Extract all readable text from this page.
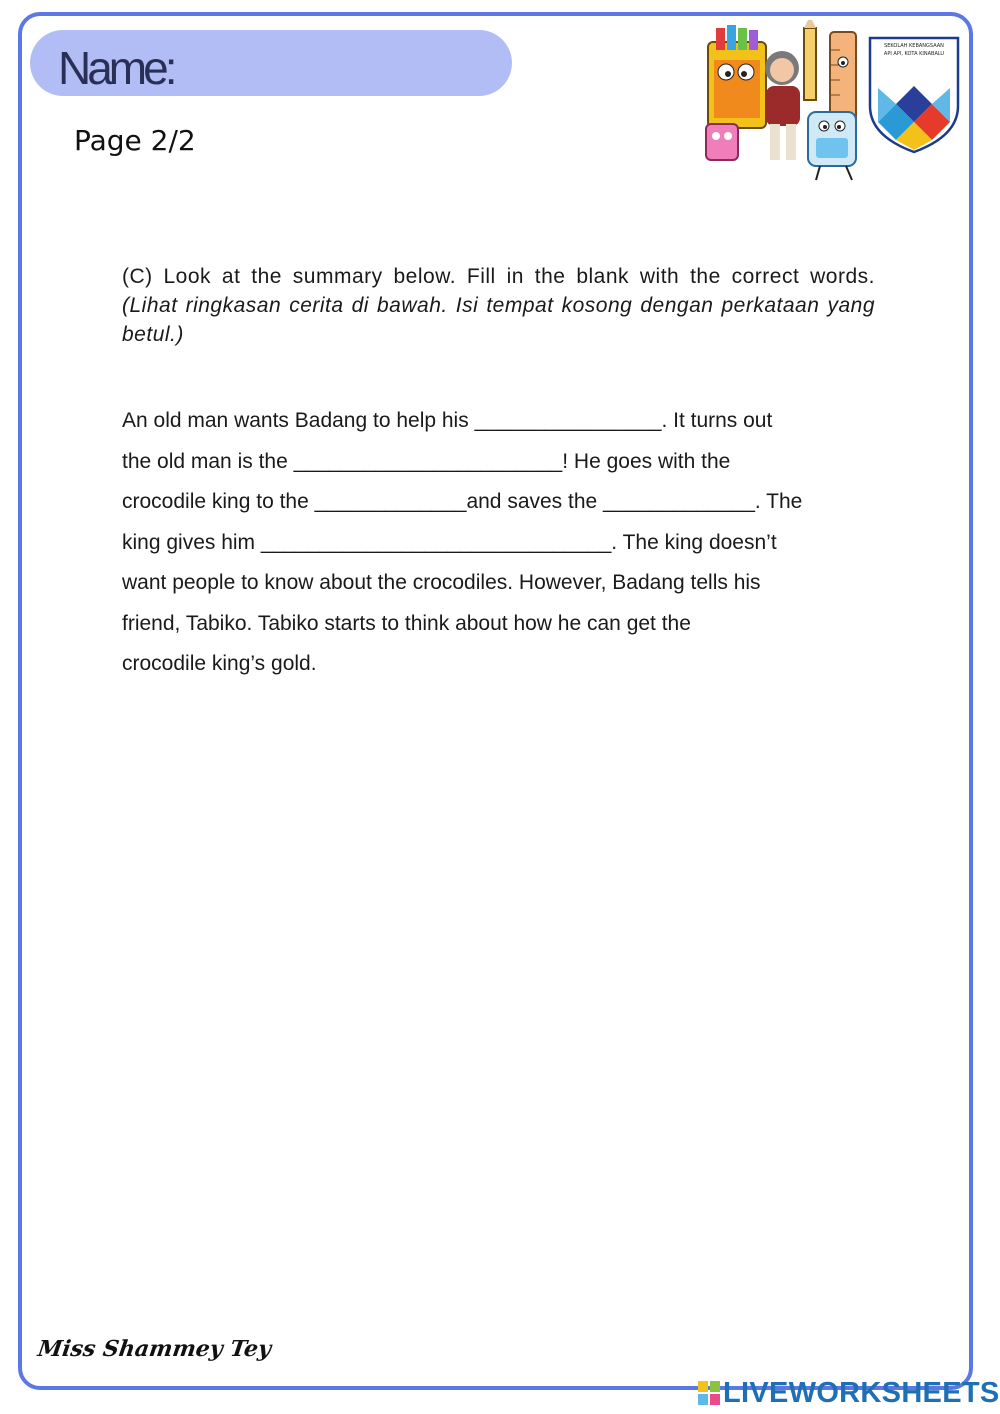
Name:
Page 2/2
SEKOLAH KEBANGSAAN
API API, KOTA KINABALU

(C) Look at the summary below. Fill in the blank with the correct words. (Lihat ringkasan cerita di bawah. Isi tempat kosong dengan perkataan yang betul.)

An old man wants Badang to help his ________________. It turns out

the old man is the _______________________! He goes with the

crocodile king to the _____________and saves the _____________. The

king gives him ______________________________. The king doesn’t

want people to know about the crocodiles. However, Badang tells his

friend, Tabiko. Tabiko starts to think about how he can get the

crocodile king’s gold.

Miss Shammey Tey
LIVEWORKSHEETS
